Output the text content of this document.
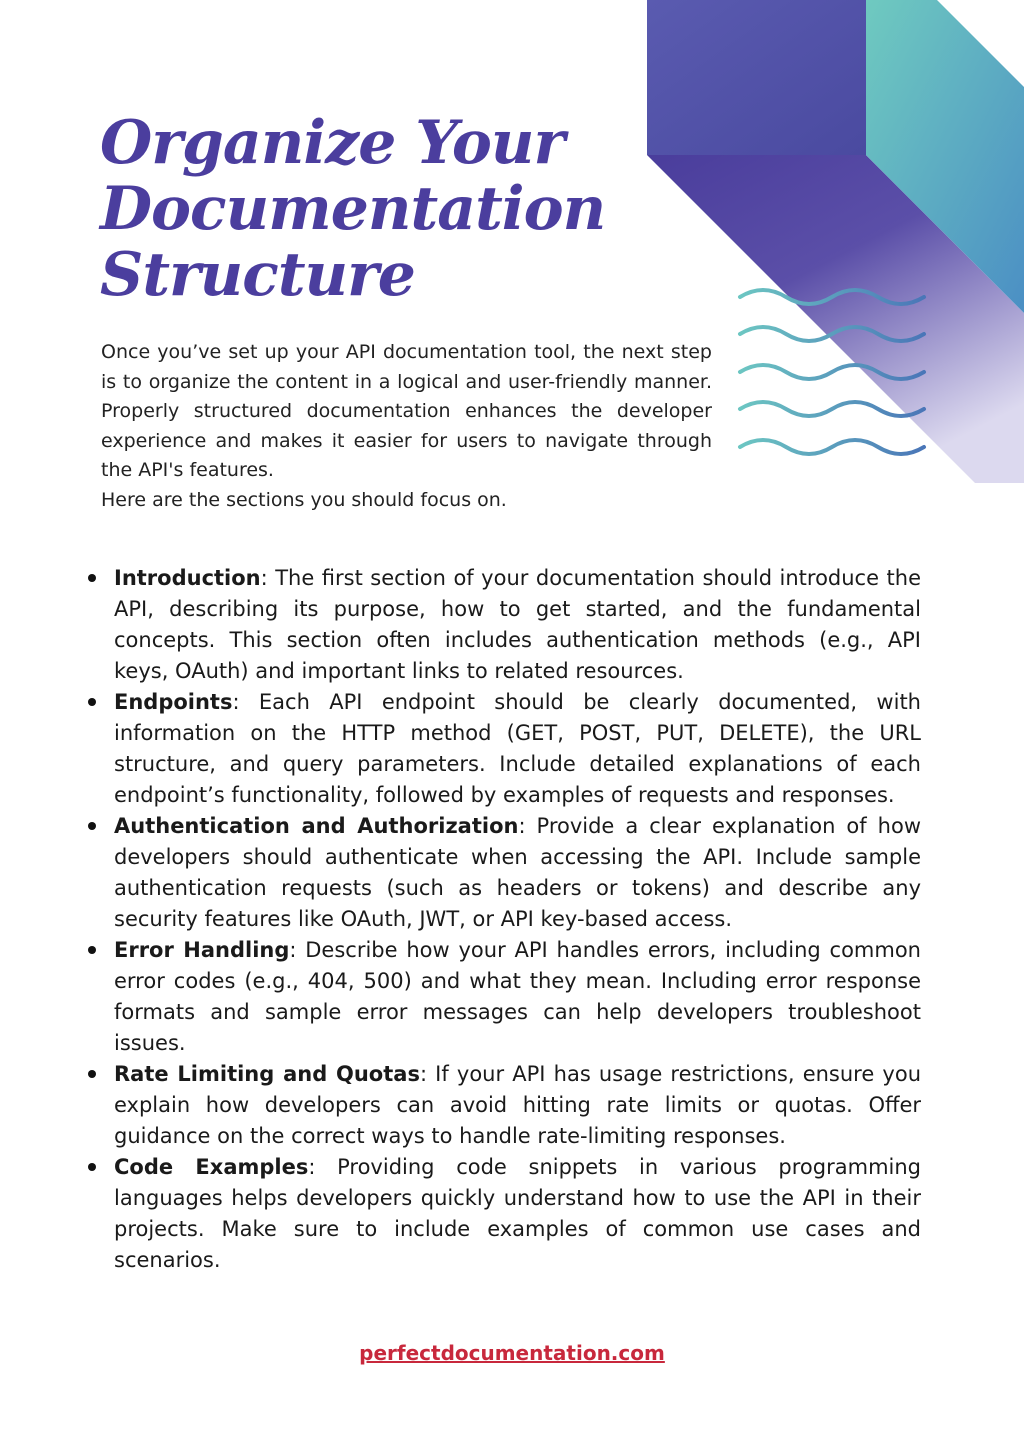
Organize Your
Documentation
Structure

Once you’ve set up your API documentation tool, the next step is to organize the content in a logical and user-friendly manner. Properly structured documentation enhances the developer experience and makes it easier for users to navigate through the API's features.

Here are the sections you should focus on.

Introduction: The first section of your documentation should introduce the API, describing its purpose, how to get started, and the fundamental concepts. This section often includes authentication methods (e.g., API keys, OAuth) and important links to related resources.
Endpoints: Each API endpoint should be clearly documented, with information on the HTTP method (GET, POST, PUT, DELETE), the URL structure, and query parameters. Include detailed explanations of each endpoint’s functionality, followed by examples of requests and responses.
Authentication and Authorization: Provide a clear explanation of how developers should authenticate when accessing the API. Include sample authentication requests (such as headers or tokens) and describe any security features like OAuth, JWT, or API key-based access.
Error Handling: Describe how your API handles errors, including common error codes (e.g., 404, 500) and what they mean. Including error response formats and sample error messages can help developers troubleshoot issues.
Rate Limiting and Quotas: If your API has usage restrictions, ensure you explain how developers can avoid hitting rate limits or quotas. Offer guidance on the correct ways to handle rate-limiting responses.
Code Examples: Providing code snippets in various programming languages helps developers quickly understand how to use the API in their projects. Make sure to include examples of common use cases and scenarios.
perfectdocumentation.com
